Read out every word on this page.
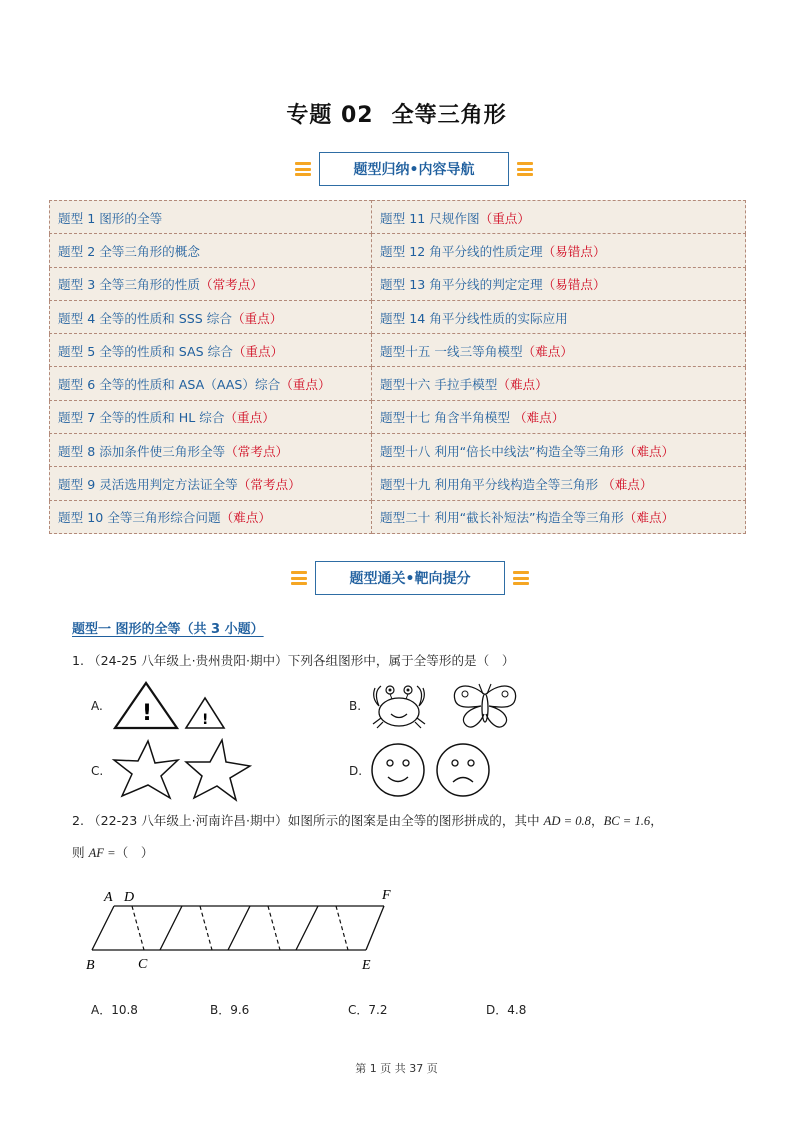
专题 02 全等三角形
题型归纳•内容导航
题型 1 图形的全等	题型 11 尺规作图（重点）
题型 2 全等三角形的概念	题型 12 角平分线的性质定理（易错点）
题型 3 全等三角形的性质（常考点）	题型 13 角平分线的判定定理（易错点）
题型 4 全等的性质和 SSS 综合（重点）	题型 14 角平分线性质的实际应用
题型 5 全等的性质和 SAS 综合（重点）	题型十五 一线三等角模型（难点）
题型 6 全等的性质和 ASA（AAS）综合（重点）	题型十六 手拉手模型（难点）
题型 7 全等的性质和 HL 综合（重点）	题型十七 角含半角模型 （难点）
题型 8 添加条件使三角形全等（常考点）	题型十八 利用“倍长中线法”构造全等三角形（难点）
题型 9 灵活选用判定方法证全等（常考点）	题型十九 利用角平分线构造全等三角形 （难点）
题型 10 全等三角形综合问题（难点）	题型二十 利用“截长补短法”构造全等三角形（难点）
题型通关•靶向提分
题型一 图形的全等（共 3 小题）
1. （24-25 八年级上·贵州贵阳·期中）下列各组图形中，属于全等形的是（　）
A. !	!
B.
C.	D.
2. （22-23 八年级上·河南许昌·期中）如图所示的图案是由全等的图形拼成的，其中 AD = 0.8，BC = 1.6，
则 AF =（　）
A D	F
B	C	E
A．10.8	B．9.6	C．7.2	D．4.8
第 1 页 共 37 页
